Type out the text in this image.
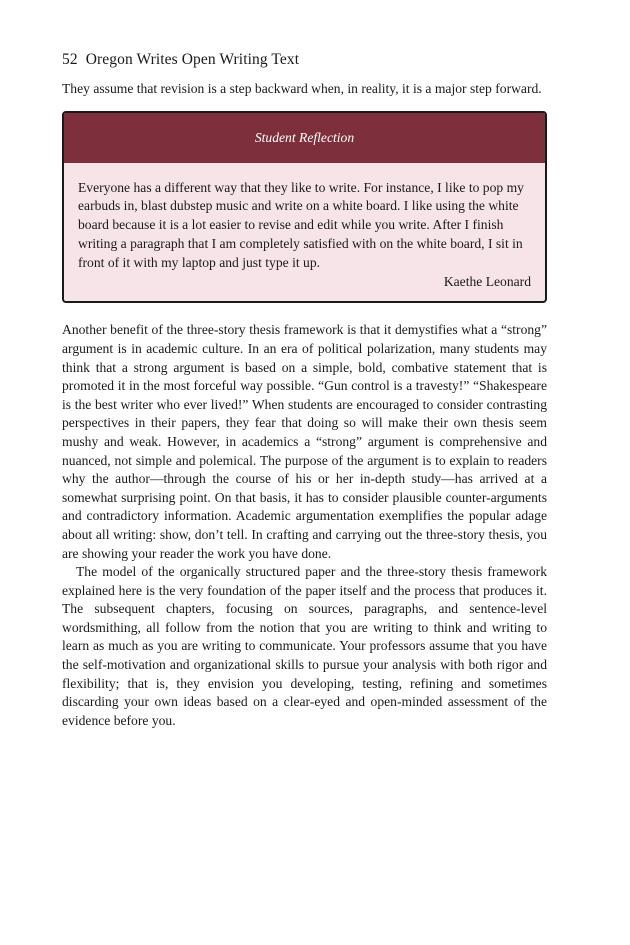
52 Oregon Writes Open Writing Text

They assume that revision is a step backward when, in reality, it is a major step forward.

Student Reflection

Everyone has a different way that they like to write. For instance, I like to pop my earbuds in, blast dubstep music and write on a white board. I like using the white board because it is a lot easier to revise and edit while you write. After I finish writing a paragraph that I am completely satisfied with on the white board, I sit in front of it with my laptop and just type it up.

Kaethe Leonard

Another benefit of the three-story thesis framework is that it demystifies what a “strong” argument is in academic culture. In an era of political polarization, many students may think that a strong argument is based on a simple, bold, combative statement that is promoted it in the most forceful way possible. “Gun control is a travesty!” “Shakespeare is the best writer who ever lived!” When students are encouraged to consider contrasting perspectives in their papers, they fear that doing so will make their own thesis seem mushy and weak. However, in academics a “strong” argument is comprehensive and nuanced, not simple and polemical. The purpose of the argument is to explain to readers why the author—through the course of his or her in-depth study—has arrived at a somewhat surprising point. On that basis, it has to consider plausible counter-arguments and contradictory information. Academic argumentation exemplifies the popular adage about all writing: show, don’t tell. In crafting and carrying out the three-story thesis, you are showing your reader the work you have done.

The model of the organically structured paper and the three-story thesis framework explained here is the very foundation of the paper itself and the process that produces it. The subsequent chapters, focusing on sources, paragraphs, and sentence-level wordsmithing, all follow from the notion that you are writing to think and writing to learn as much as you are writing to communicate. Your professors assume that you have the self-motivation and organizational skills to pursue your analysis with both rigor and flexibility; that is, they envision you developing, testing, refining and sometimes discarding your own ideas based on a clear-eyed and open-minded assessment of the evidence before you.
